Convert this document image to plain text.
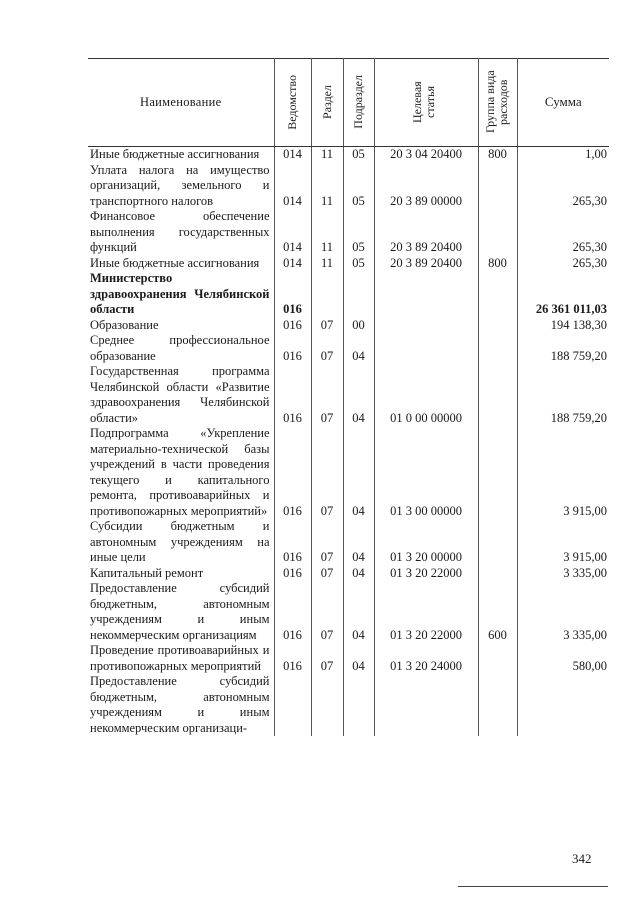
Наименование	Ведомство	Раздел	Подраздел	Целевая статья	Группа вида расходов	Сумма
Иные бюджетные ассигнования	014	11	05	20 3 04 20400	800	1,00
Уплата налога на имущество организаций, земельного и транспортного налогов	014	11	05	20 3 89 00000		265,30
Финансовое обеспечение выполнения государственных функций	014	11	05	20 3 89 20400		265,30
Иные бюджетные ассигнования	014	11	05	20 3 89 20400	800	265,30
Министерство здравоохранения Челябинской области	016					26 361 011,03
Образование	016	07	00			194 138,30
Среднее профессиональное образование	016	07	04			188 759,20
Государственная программа Челябинской области «Развитие здравоохранения Челябинской области»	016	07	04	01 0 00 00000		188 759,20
Подпрограмма «Укрепление материально-технической базы учреждений в части проведения текущего и капитального ремонта, противоаварийных и противопожарных мероприятий»	016	07	04	01 3 00 00000		3 915,00
Субсидии бюджетным и автономным учреждениям на иные цели	016	07	04	01 3 20 00000		3 915,00
Капитальный ремонт	016	07	04	01 3 20 22000		3 335,00
Предоставление субсидий бюджетным, автономным учреждениям и иным некоммерческим организациям	016	07	04	01 3 20 22000	600	3 335,00
Проведение противоаварийных и противопожарных мероприятий	016	07	04	01 3 20 24000		580,00
Предоставление субсидий бюджетным, автономным учреждениям и иным некоммерческим организаци-						
342
